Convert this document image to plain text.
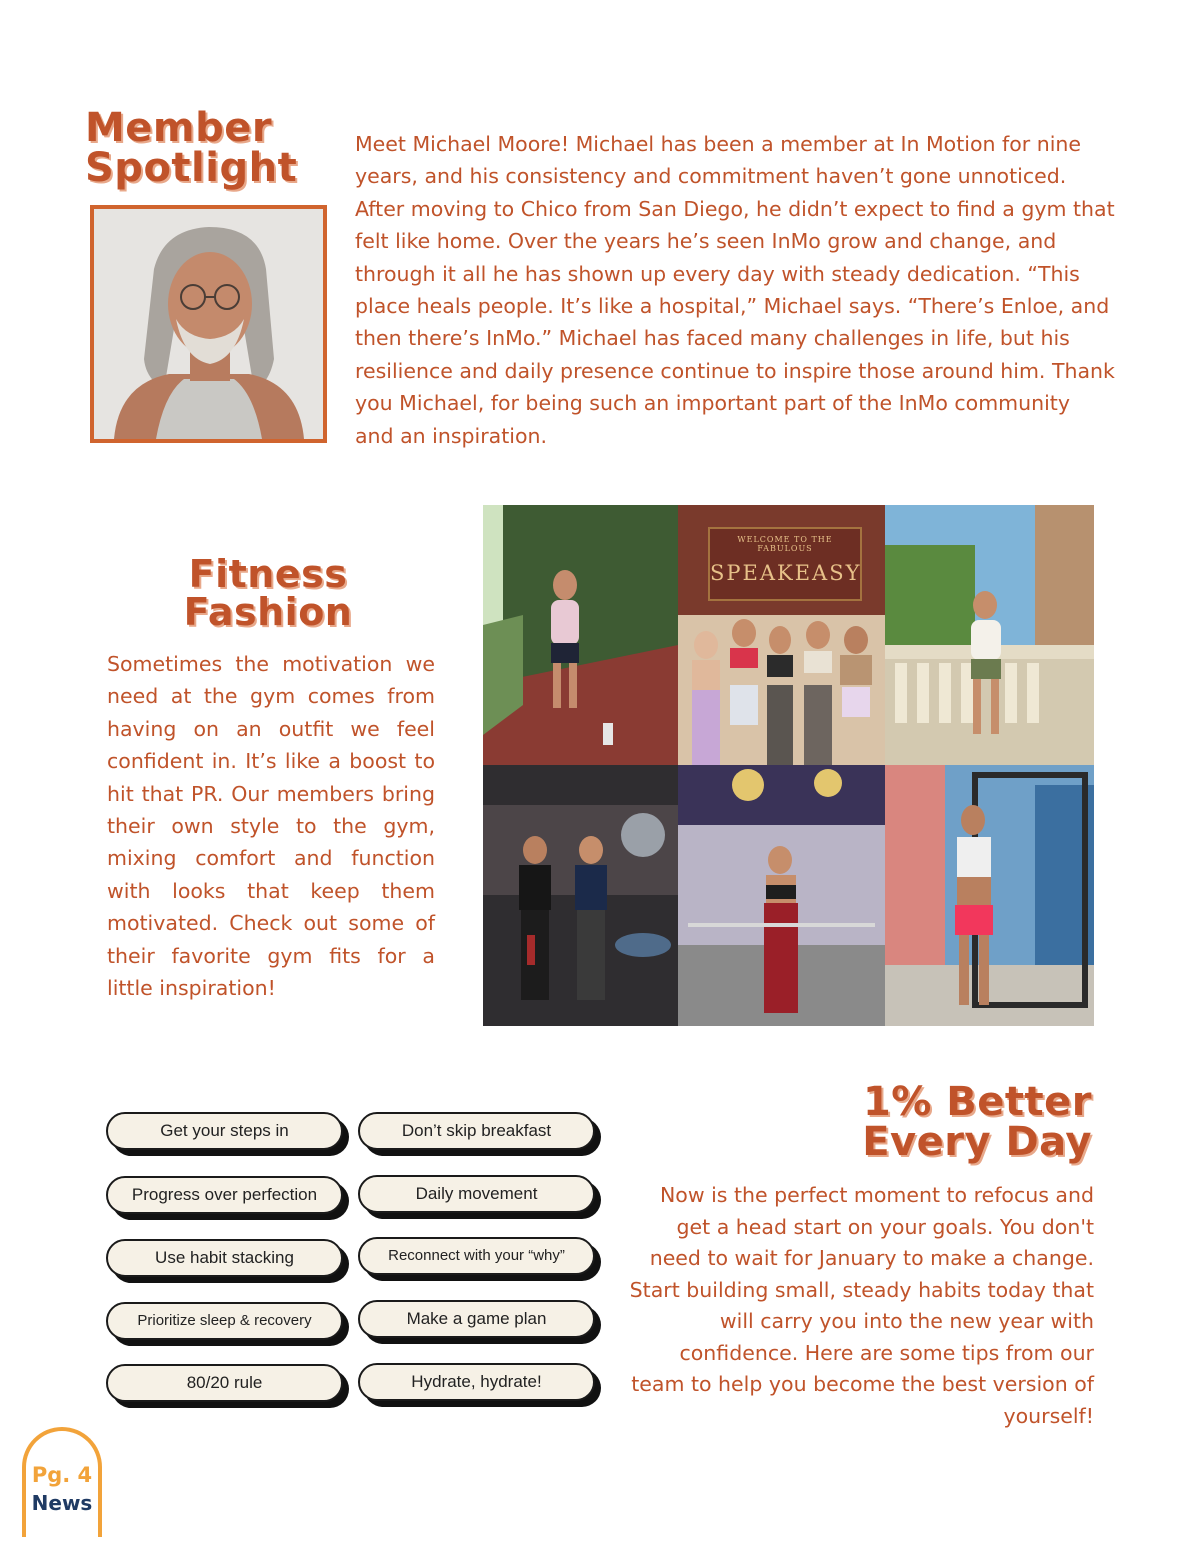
Member
Spotlight
Meet Michael Moore! Michael has been a member at In Motion for nine years, and his consistency and commitment haven’t gone unnoticed. After moving to Chico from San Diego, he didn’t expect to find a gym that felt like home. Over the years he’s seen InMo grow and change, and through it all he has shown up every day with steady dedication. “This place heals people. It’s like a hospital,” Michael says. “There’s Enloe, and then there’s InMo.” Michael has faced many challenges in life, but his resilience and daily presence continue to inspire those around him. Thank you Michael, for being such an important part of the InMo community and an inspiration.
Fitness
Fashion
Sometimes the motivation we need at the gym comes from having on an outfit we feel confident in. It’s like a boost to hit that PR. Our members bring their own style to the gym, mixing comfort and function with looks that keep them motivated. Check out some of their favorite gym fits for a little inspiration!
WELCOME TO THE FABULOUS
SPEAKEASY
Get your steps in
Progress over perfection
Use habit stacking
Prioritize sleep & recovery
80/20 rule
Don’t skip breakfast
Daily movement
Reconnect with your “why”
Make a game plan
Hydrate, hydrate!
1% Better
Every Day
Now is the perfect moment to refocus and get a head start on your goals. You don't need to wait for January to make a change. Start building small, steady habits today that will carry you into the new year with confidence. Here are some tips from our team to help you become the best version of yourself!
Pg. 4
News
